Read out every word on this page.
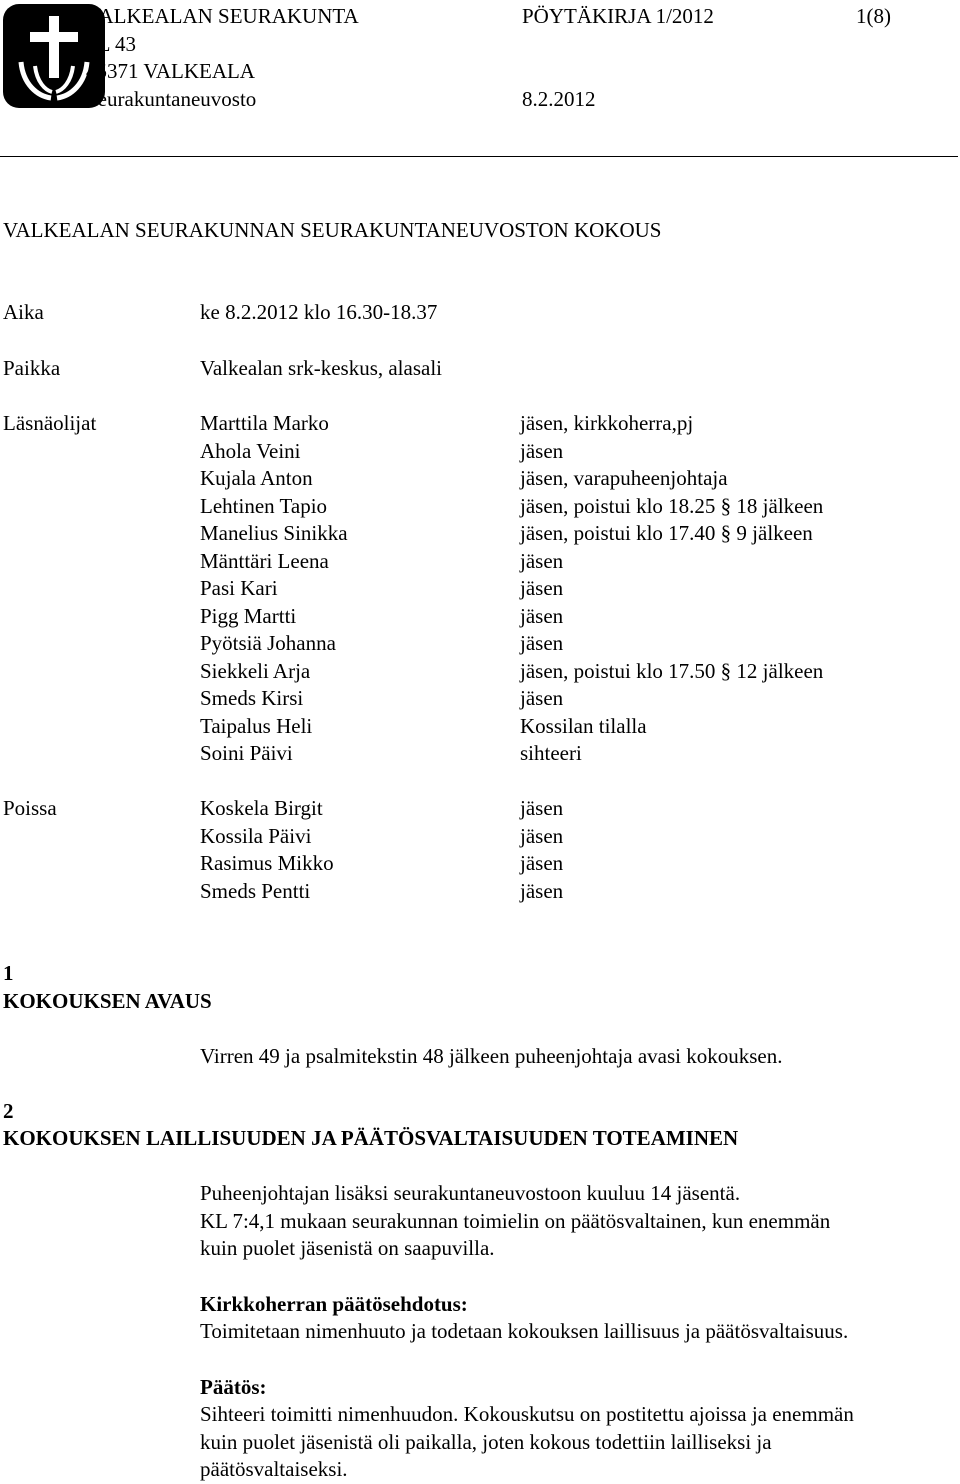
VALKEALAN SEURAKUNTA	PÖYTÄKIRJA 1/2012	1(8)
PL 43
45371 VALKEALA
Seurakuntaneuvosto	8.2.2012
VALKEALAN SEURAKUNNAN SEURAKUNTANEUVOSTON KOKOUS
Aika	ke 8.2.2012 klo 16.30-18.37
Paikka	Valkealan srk-keskus, alasali
Läsnäolijat	Marttila Marko	jäsen, kirkkoherra,pj
Ahola Veini	jäsen
Kujala Anton	jäsen, varapuheenjohtaja
Lehtinen Tapio	jäsen, poistui klo 18.25 § 18 jälkeen
Manelius Sinikka	jäsen, poistui klo 17.40 § 9 jälkeen
Mänttäri Leena	jäsen
Pasi Kari	jäsen
Pigg Martti	jäsen
Pyötsiä Johanna	jäsen
Siekkeli Arja	jäsen, poistui klo 17.50 § 12 jälkeen
Smeds Kirsi	jäsen
Taipalus Heli	Kossilan tilalla
Soini Päivi	sihteeri
Poissa	Koskela Birgit	jäsen
Kossila Päivi	jäsen
Rasimus Mikko	jäsen
Smeds Pentti	jäsen
1
KOKOUKSEN AVAUS
Virren 49 ja psalmitekstin 48 jälkeen puheenjohtaja avasi kokouksen.
2
KOKOUKSEN LAILLISUUDEN JA PÄÄTÖSVALTAISUUDEN TOTEAMINEN
Puheenjohtajan lisäksi seurakuntaneuvostoon kuuluu 14 jäsentä.
KL 7:4,1 mukaan seurakunnan toimielin on päätösvaltainen, kun enemmän
kuin puolet jäsenistä on saapuvilla.
Kirkkoherran päätösehdotus:
Toimitetaan nimenhuuto ja todetaan kokouksen laillisuus ja päätösvaltaisuus.
Päätös:
Sihteeri toimitti nimenhuudon. Kokouskutsu on postitettu ajoissa ja enemmän
kuin puolet jäsenistä oli paikalla, joten kokous todettiin lailliseksi ja
päätösvaltaiseksi.
